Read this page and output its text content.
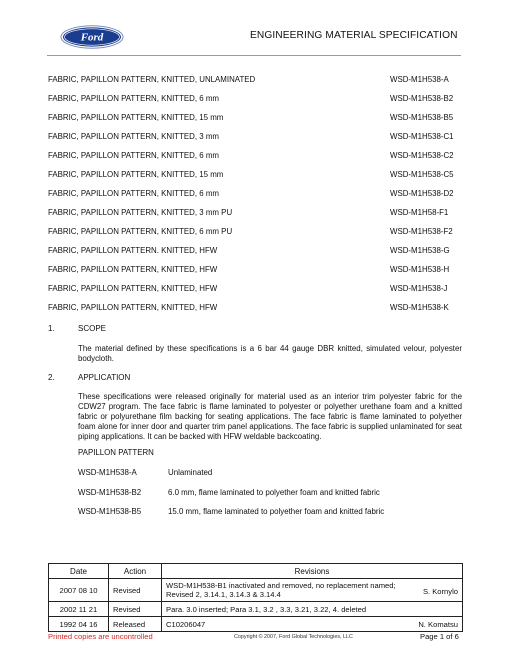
Ford	ENGINEERING MATERIAL SPECIFICATION
FABRIC, PAPILLON PATTERN, KNITTED, UNLAMINATED	WSD-M1H538-A
FABRIC, PAPILLON PATTERN, KNITTED, 6 mm	WSD-M1H538-B2
FABRIC, PAPILLON PATTERN, KNITTED, 15 mm	WSD-M1H538-B5
FABRIC, PAPILLON PATTERN, KNITTED, 3 mm	WSD-M1H538-C1
FABRIC, PAPILLON PATTERN, KNITTED, 6 mm	WSD-M1H538-C2
FABRIC, PAPILLON PATTERN, KNITTED, 15 mm	WSD-M1H538-C5
FABRIC, PAPILLON PATTERN, KNITTED, 6 mm	WSD-M1H538-D2
FABRIC, PAPILLON PATTERN, KNITTED, 3 mm PU	WSD-M1H58-F1
FABRIC, PAPILLON PATTERN, KNITTED, 6 mm PU	WSD-M1H538-F2
FABRIC, PAPILLON PATTERN. KNITTED, HFW	WSD-M1H538-G
FABRIC, PAPILLON PATTERN, KNITTED, HFW	WSD-M1H538-H
FABRIC, PAPILLON PATTERN, KNITTED, HFW	WSD-M1H538-J
FABRIC, PAPILLON PATTERN, KNITTED, HFW	WSD-M1H538-K
1.	SCOPE
The material defined by these specifications is a 6 bar 44 gauge DBR knitted, simulated velour, polyester bodycloth.
2.	APPLICATION
These specifications were released originally for material used as an interior trim polyester fabric for the CDW27 program. The face fabric is flame laminated to polyester or polyether urethane foam and a knitted fabric or polyurethane film backing for seating applications. The face fabric is flame laminated to polyether foam alone for inner door and quarter trim panel applications. The face fabric is supplied unlaminated for seat piping applications. It can be backed with HFW weldable backcoating.
PAPILLON PATTERN
WSD-M1H538-A	Unlaminated
WSD-M1H538-B2	6.0 mm, flame laminated to polyether foam and knitted fabric
WSD-M1H538-B5	15.0 mm, flame laminated to polyether foam and knitted fabric
Date	Action	Revisions
2007 08 10	Revised	WSD-M1H538-B1 inactivated and removed, no replacement named; Revised 2, 3.14.1, 3.14.3 & 3.14.4 S. Kornylo

2002 11 21	Revised	Para. 3.0 inserted; Para 3.1, 3.2 , 3.3, 3.21, 3.22, 4. deleted
1992 04 16	Released	C10206047 N. Komatsu
Printed copies are uncontrolled	Copyright © 2007, Ford Global Technologies, LLC	Page 1 of 6
